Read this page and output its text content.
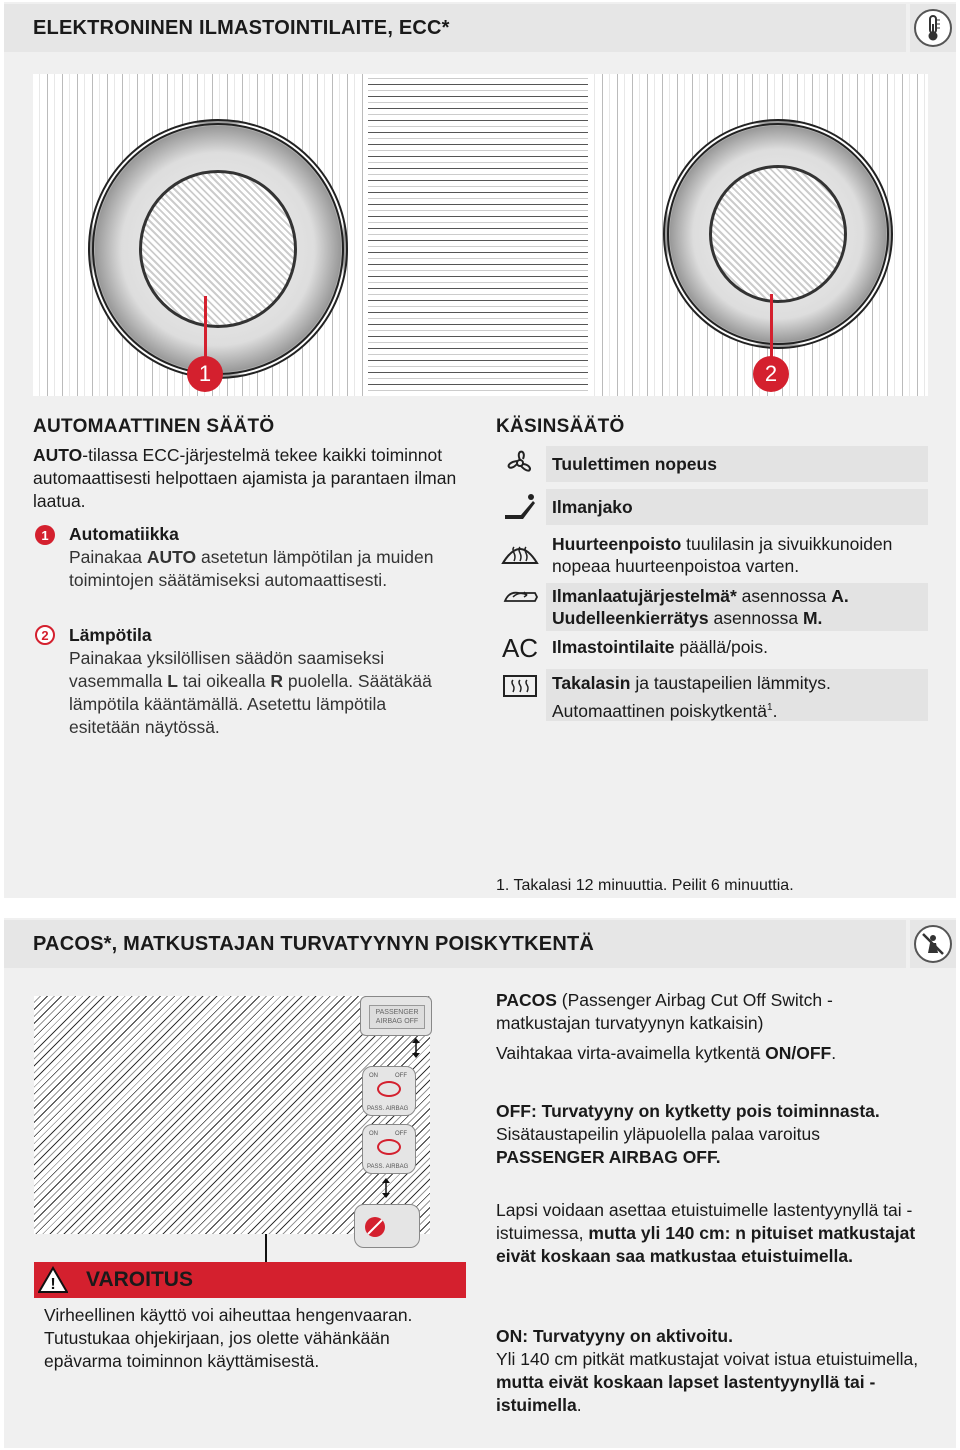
ELEKTRONINEN ILMASTOINTILAITE, ECC*
1	2
AUTOMAATTINEN SÄÄTÖ
AUTO-tilassa ECC-järjestelmä tekee kaikki toiminnot automaattisesti helpottaen ajamista ja parantaen ilman laatua.
1	Automatiikka
Painakaa AUTO asetetun lämpötilan ja muiden toimintojen säätämiseksi automaattisesti.
2	Lämpötila
Painakaa yksilöllisen säädön saamiseksi vasemmalla L tai oikealla R puolella. Säätäkää lämpötila kääntämällä. Asetettu lämpötila esitetään näytössä.
KÄSINSÄÄTÖ
Tuulettimen nopeus
Ilmanjako
Huurteenpoisto tuulilasin ja sivuikkunoiden nopeaa huurteenpoistoa varten.
Ilmanlaatujärjestelmä* asennossa A.
Uudelleenkierrätys asennossa M.
AC Ilmastointilaite päällä/pois.
Takalasin ja taustapeilien lämmitys.
Automaattinen poiskytkentä$^1$.
1. Takalasi 12 minuuttia. Peilit 6 minuuttia.
PACOS*, MATKUSTAJAN TURVATYYNYN POISKYTKENTÄ
PASSENGER
AIRBAG OFF
ON	OFF
PASS. AIRBAG
ON	OFF
PASS. AIRBAG
! VAROITUS
Virheellinen käyttö voi aiheuttaa hengenvaaran. Tutustukaa ohjekirjaan, jos olette vähänkään epävarma toiminnon käyttämisestä.
PACOS (Passenger Airbag Cut Off Switch - matkustajan turvatyynyn katkaisin)
Vaihtakaa virta-avaimella kytkentä ON/OFF.
OFF: Turvatyyny on kytketty pois toiminnasta.
Sisätaustapeilin yläpuolella palaa varoitus PASSENGER AIRBAG OFF.
Lapsi voidaan asettaa etuistuimelle lastentyynyllä tai -istuimessa, mutta yli 140 cm: n pituiset matkustajat eivät koskaan saa matkustaa etuistuimella.
ON: Turvatyyny on aktivoitu.
Yli 140 cm pitkät matkustajat voivat istua etuistuimella, mutta eivät koskaan lapset lastentyynyllä tai -istuimella.
